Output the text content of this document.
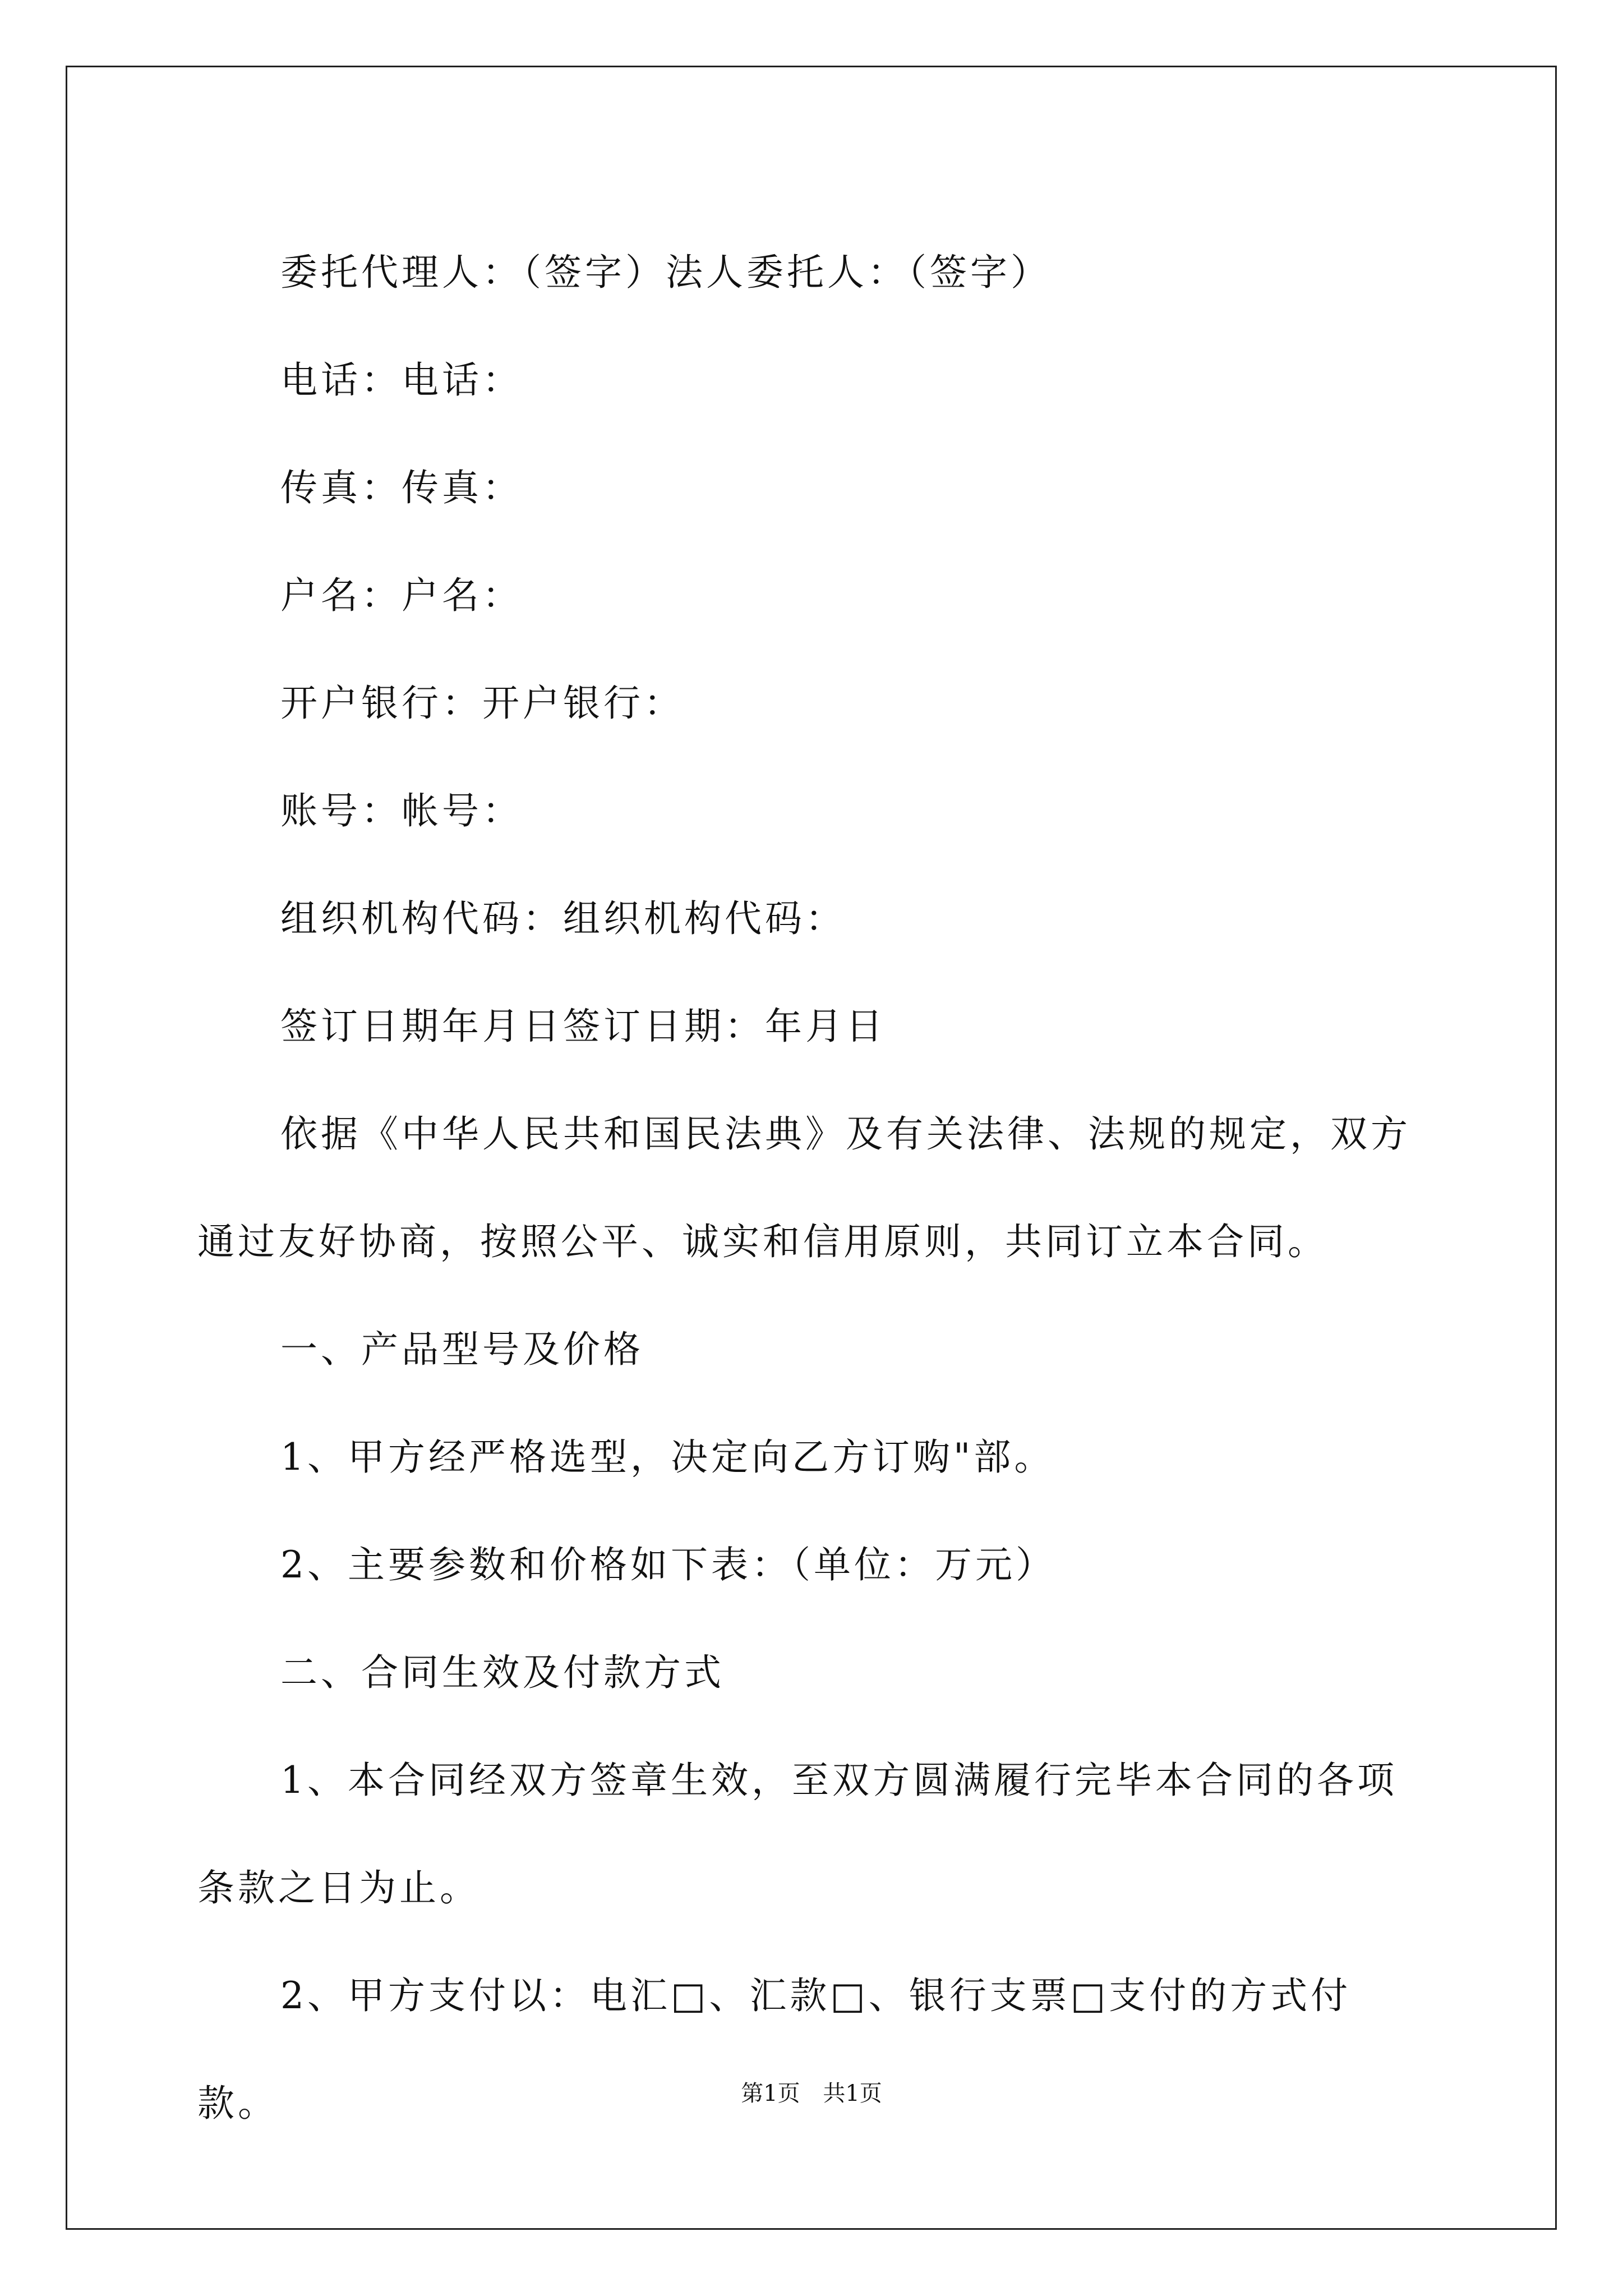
委托代理人：（签字）法人委托人：（签字）

电话：电话：

传真：传真：

户名：户名：

开户银行：开户银行：

账号：帐号：

组织机构代码：组织机构代码：

签订日期年月日签订日期：年月日

依据《中华人民共和国民法典》及有关法律、法规的规定，双方通过友好协商，按照公平、诚实和信用原则，共同订立本合同。

一、产品型号及价格

1、甲方经严格选型，决定向乙方订购"部。

2、主要参数和价格如下表：（单位：万元）

二、合同生效及付款方式

1、本合同经双方签章生效，至双方圆满履行完毕本合同的各项条款之日为止。

2、甲方支付以：电汇□、汇款□、银行支票□支付的方式付款。	第1页 共1页
